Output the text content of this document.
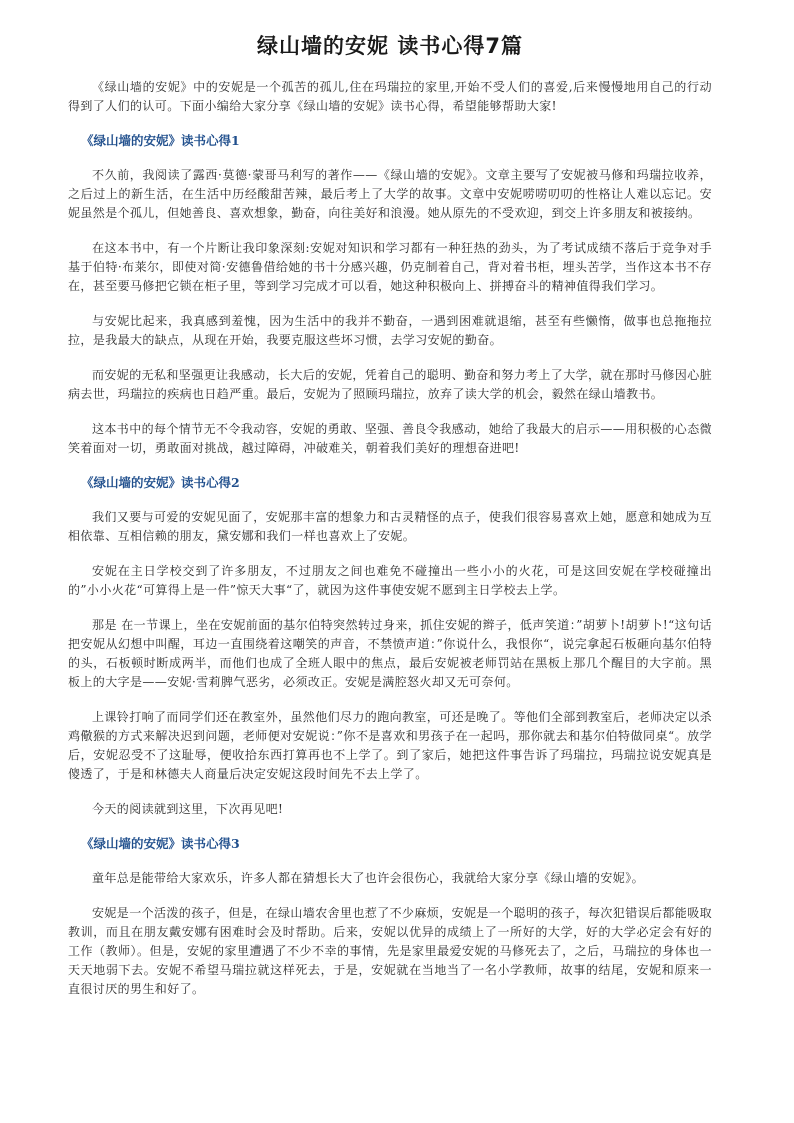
绿山墙的安妮 读书心得7篇

《绿山墙的安妮》中的安妮是一个孤苦的孤儿,住在玛瑞拉的家里,开始不受人们的喜爱,后来慢慢地用自己的行动得到了人们的认可。下面小编给大家分享《绿山墙的安妮》读书心得，希望能够帮助大家!

《绿山墙的安妮》读书心得1

不久前，我阅读了露西·莫德·蒙哥马利写的著作——《绿山墙的安妮》。文章主要写了安妮被马修和玛瑞拉收养，之后过上的新生活，在生活中历经酸甜苦辣，最后考上了大学的故事。文章中安妮唠唠叨叨的性格让人难以忘记。安妮虽然是个孤儿，但她善良、喜欢想象，勤奋，向往美好和浪漫。她从原先的不受欢迎，到交上许多朋友和被接纳。

在这本书中，有一个片断让我印象深刻:安妮对知识和学习都有一种狂热的劲头，为了考试成绩不落后于竞争对手基于伯特·布莱尔，即使对简·安德鲁借给她的书十分感兴趣，仍克制着自己，背对着书柜，埋头苦学，当作这本书不存在，甚至要马修把它锁在柜子里，等到学习完成才可以看，她这种积极向上、拼搏奋斗的精神值得我们学习。

与安妮比起来，我真感到羞愧，因为生活中的我并不勤奋，一遇到困难就退缩，甚至有些懒惰，做事也总拖拖拉拉，是我最大的缺点，从现在开始，我要克服这些坏习惯，去学习安妮的勤奋。

而安妮的无私和坚强更让我感动，长大后的安妮，凭着自己的聪明、勤奋和努力考上了大学，就在那时马修因心脏病去世，玛瑞拉的疾病也日趋严重。最后，安妮为了照顾玛瑞拉，放弃了读大学的机会，毅然在绿山墙教书。

这本书中的每个情节无不令我动容，安妮的勇敢、坚强、善良令我感动，她给了我最大的启示——用积极的心态微笑着面对一切，勇敢面对挑战，越过障碍，冲破难关，朝着我们美好的理想奋进吧!

《绿山墙的安妮》读书心得2

我们又要与可爱的安妮见面了，安妮那丰富的想象力和古灵精怪的点子，使我们很容易喜欢上她，愿意和她成为互相依靠、互相信赖的朋友，黛安娜和我们一样也喜欢上了安妮。

安妮在主日学校交到了许多朋友，不过朋友之间也难免不碰撞出一些小小的火花，可是这回安妮在学校碰撞出的”小小火花“可算得上是一件”惊天大事“了，就因为这件事使安妮不愿到主日学校去上学。

那是 在一节课上，坐在安妮前面的基尔伯特突然转过身来，抓住安妮的辫子，低声笑道：”胡萝卜!胡萝卜!“这句话把安妮从幻想中叫醒，耳边一直围绕着这嘲笑的声音，不禁愤声道：”你说什么，我恨你“，说完拿起石板砸向基尔伯特的头，石板顿时断成两半，而他们也成了全班人眼中的焦点，最后安妮被老师罚站在黑板上那几个醒目的大字前。黑板上的大字是——安妮·雪莉脾气恶劣，必须改正。安妮是满腔怒火却又无可奈何。

上课铃打响了而同学们还在教室外，虽然他们尽力的跑向教室，可还是晚了。等他们全部到教室后，老师决定以杀鸡儆猴的方式来解决迟到问题，老师便对安妮说：”你不是喜欢和男孩子在一起吗，那你就去和基尔伯特做同桌“。放学后，安妮忍受不了这耻辱，便收拾东西打算再也不上学了。到了家后，她把这件事告诉了玛瑞拉，玛瑞拉说安妮真是傻透了，于是和林德夫人商量后决定安妮这段时间先不去上学了。

今天的阅读就到这里，下次再见吧!

《绿山墙的安妮》读书心得3

童年总是能带给大家欢乐，许多人都在猜想长大了也许会很伤心，我就给大家分享《绿山墙的安妮》。

安妮是一个活泼的孩子，但是，在绿山墙农舍里也惹了不少麻烦，安妮是一个聪明的孩子，每次犯错误后都能吸取教训，而且在朋友戴安娜有困难时会及时帮助。后来，安妮以优异的成绩上了一所好的大学，好的大学必定会有好的工作（教师）。但是，安妮的家里遭遇了不少不幸的事情，先是家里最爱安妮的马修死去了，之后，马瑞拉的身体也一天天地弱下去。安妮不希望马瑞拉就这样死去，于是，安妮就在当地当了一名小学教师，故事的结尾，安妮和原来一直很讨厌的男生和好了。
